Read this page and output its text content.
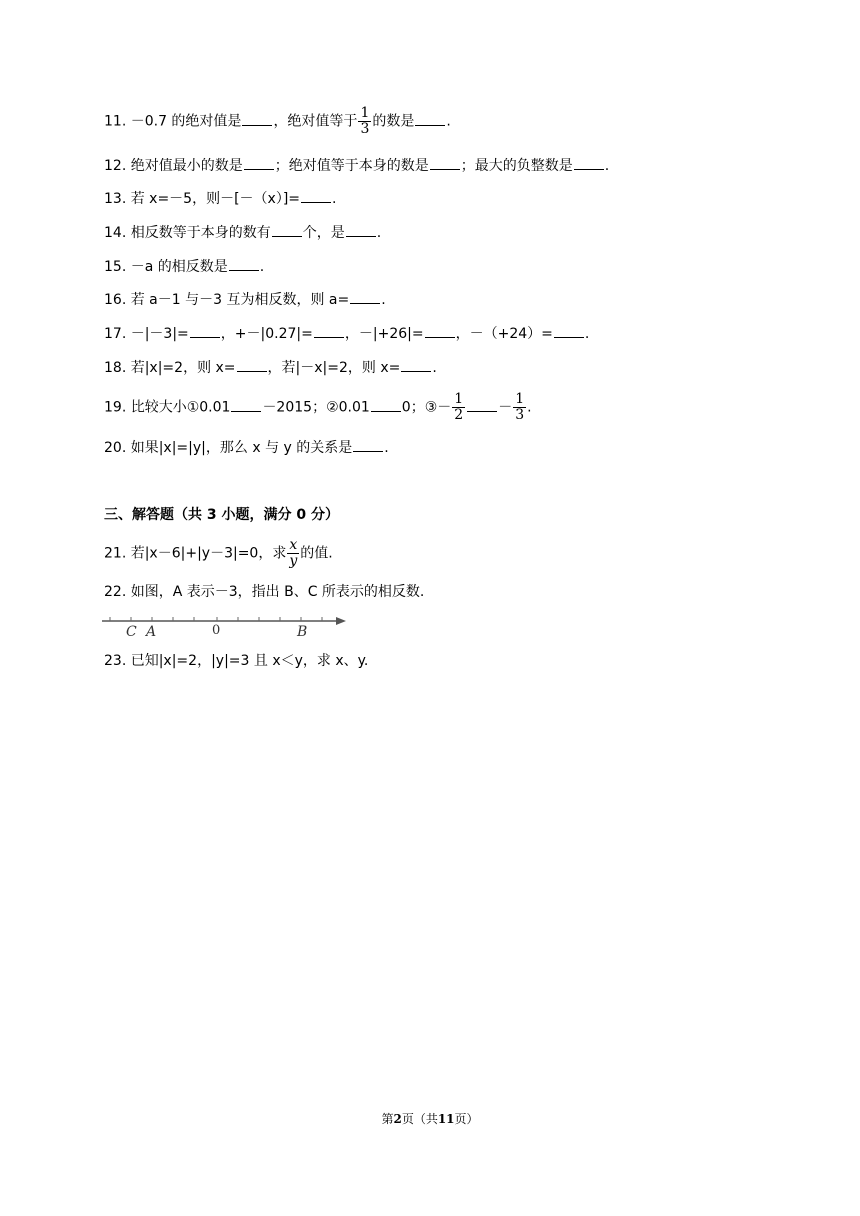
11. －0.7 的绝对值是 ，绝对值等于 $\frac{1}{3}$ 的数是 .
12. 绝对值最小的数是 ；绝对值等于本身的数是 ；最大的负整数是 .
13. 若 x=－5，则－[－（x）]= .
14. 相反数等于本身的数有 个，是 .
15. －a 的相反数是 .
16. 若 a－1 与－3 互为相反数，则 a= .
17. －|－3|= ，+－|0.27|= ，－|+26|= ，－（+24）= .
18. 若|x|=2，则 x= ，若|－x|=2，则 x= .
19. 比较大小①0.01 －2015；②0.01 0；③－ $\frac{1}{2} - \frac{1}{3}$ .
20. 如果|x|=|y|，那么 x 与 y 的关系是 .
三、解答题（共 3 小题，满分 0 分）
21. 若|x－6|+|y－3|=0，求 $\frac{x}{y}$ 的值.
22. 如图，A 表示－3，指出 B、C 所表示的相反数.
C A	0	B
23. 已知|x|=2，|y|=3 且 x＜y，求 x、y.
第2页（共11页）
